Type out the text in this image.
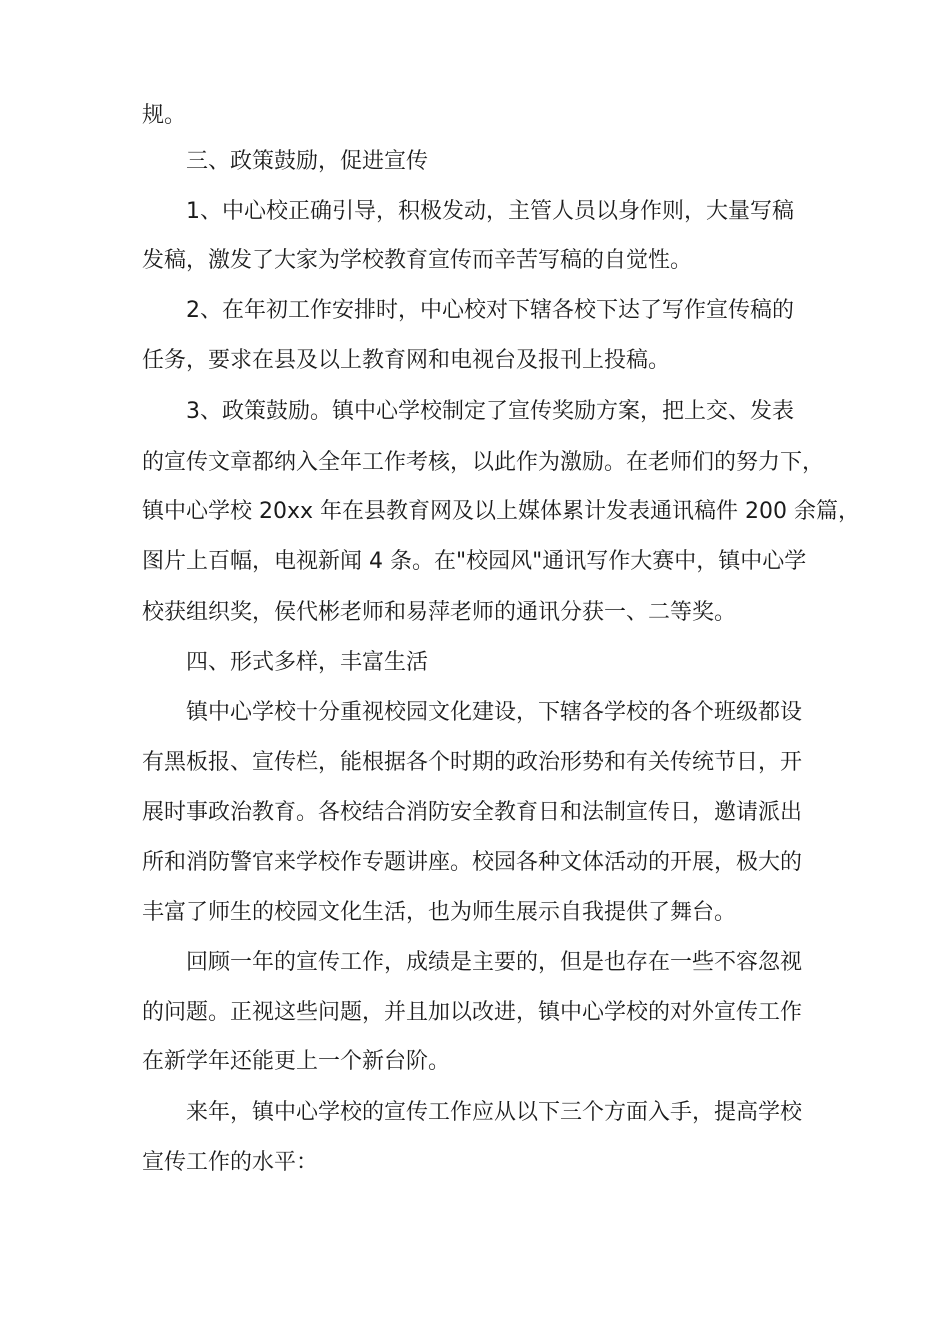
规。
三、政策鼓励，促进宣传
1、中心校正确引导，积极发动，主管人员以身作则，大量写稿
发稿，激发了大家为学校教育宣传而辛苦写稿的自觉性。
2、在年初工作安排时，中心校对下辖各校下达了写作宣传稿的
任务，要求在县及以上教育网和电视台及报刊上投稿。
3、政策鼓励。镇中心学校制定了宣传奖励方案，把上交、发表
的宣传文章都纳入全年工作考核，以此作为激励。在老师们的努力下，
镇中心学校 20xx 年在县教育网及以上媒体累计发表通讯稿件 200 余篇，
图片上百幅，电视新闻 4 条。在"校园风"通讯写作大赛中，镇中心学
校获组织奖，侯代彬老师和易萍老师的通讯分获一、二等奖。
四、形式多样，丰富生活
镇中心学校十分重视校园文化建设，下辖各学校的各个班级都设
有黑板报、宣传栏，能根据各个时期的政治形势和有关传统节日，开
展时事政治教育。各校结合消防安全教育日和法制宣传日，邀请派出
所和消防警官来学校作专题讲座。校园各种文体活动的开展，极大的
丰富了师生的校园文化生活，也为师生展示自我提供了舞台。
回顾一年的宣传工作，成绩是主要的，但是也存在一些不容忽视
的问题。正视这些问题，并且加以改进，镇中心学校的对外宣传工作
在新学年还能更上一个新台阶。
来年，镇中心学校的宣传工作应从以下三个方面入手，提高学校
宣传工作的水平：
